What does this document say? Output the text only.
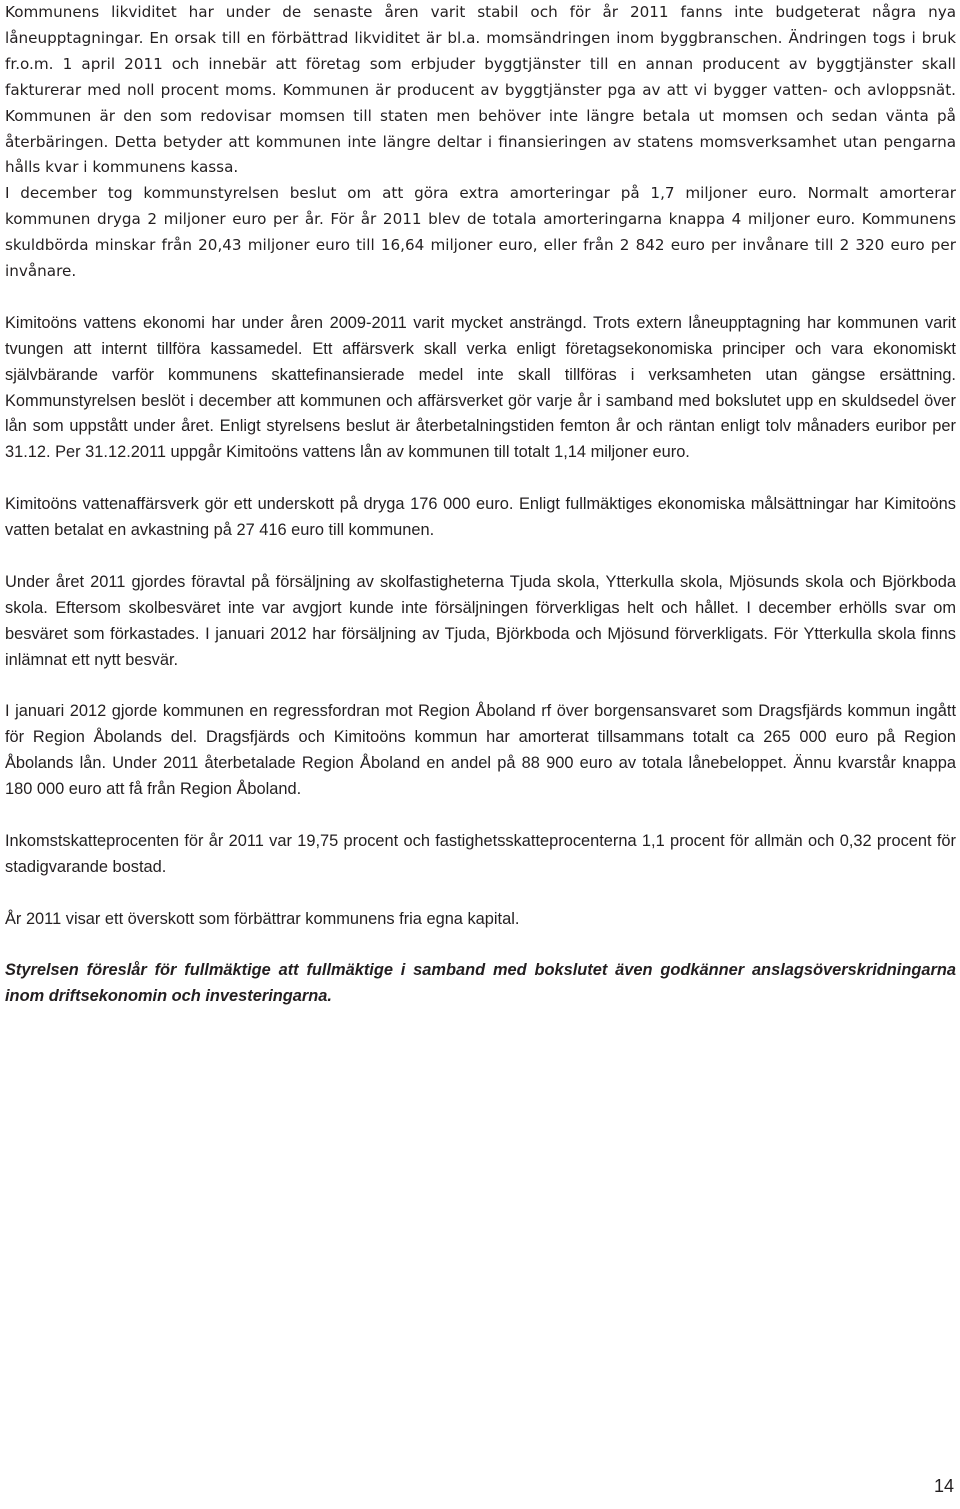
Kommunens likviditet har under de senaste åren varit stabil och för år 2011 fanns inte budgeterat några nya låneupptagningar. En orsak till en förbättrad likviditet är bl.a. momsändringen inom byggbranschen. Ändringen togs i bruk fr.o.m. 1 april 2011 och innebär att företag som erbjuder byggtjänster till en annan producent av byggtjänster skall fakturerar med noll procent moms. Kommunen är producent av byggtjänster pga av att vi bygger vatten- och avloppsnät. Kommunen är den som redovisar momsen till staten men behöver inte längre betala ut momsen och sedan vänta på återbäringen. Detta betyder att kommunen inte längre deltar i finansieringen av statens momsverksamhet utan pengarna hålls kvar i kommunens kassa.

I december tog kommunstyrelsen beslut om att göra extra amorteringar på 1,7 miljoner euro. Normalt amorterar kommunen dryga 2 miljoner euro per år. För år 2011 blev de totala amorteringarna knappa 4 miljoner euro. Kommunens skuldbörda minskar från 20,43 miljoner euro till 16,64 miljoner euro, eller från 2 842 euro per invånare till 2 320 euro per invånare.

Kimitoöns vattens ekonomi har under åren 2009-2011 varit mycket ansträngd. Trots extern låneupptagning har kommunen varit tvungen att internt tillföra kassamedel. Ett affärsverk skall verka enligt företagsekonomiska principer och vara ekonomiskt självbärande varför kommunens skattefinansierade medel inte skall tillföras i verksamheten utan gängse ersättning. Kommunstyrelsen beslöt i december att kommunen och affärsverket gör varje år i samband med bokslutet upp en skuldsedel över lån som uppstått under året. Enligt styrelsens beslut är återbetalningstiden femton år och räntan enligt tolv månaders euribor per 31.12. Per 31.12.2011 uppgår Kimitoöns vattens lån av kommunen till totalt 1,14 miljoner euro.

Kimitoöns vattenaffärsverk gör ett underskott på dryga 176 000 euro. Enligt fullmäktiges ekonomiska målsättningar har Kimitoöns vatten betalat en avkastning på 27 416 euro till kommunen.

Under året 2011 gjordes föravtal på försäljning av skolfastigheterna Tjuda skola, Ytterkulla skola, Mjösunds skola och Björkboda skola. Eftersom skolbesväret inte var avgjort kunde inte försäljningen förverkligas helt och hållet. I december erhölls svar om besväret som förkastades. I januari 2012 har försäljning av Tjuda, Björkboda och Mjösund förverkligats. För Ytterkulla skola finns inlämnat ett nytt besvär.

I januari 2012 gjorde kommunen en regressfordran mot Region Åboland rf över borgensansvaret som Dragsfjärds kommun ingått för Region Åbolands del. Dragsfjärds och Kimitoöns kommun har amorterat tillsammans totalt ca 265 000 euro på Region Åbolands lån. Under 2011 återbetalade Region Åboland en andel på 88 900 euro av totala lånebeloppet. Ännu kvarstår knappa 180 000 euro att få från Region Åboland.

Inkomstskatteprocenten för år 2011 var 19,75 procent och fastighetsskatteprocenterna 1,1 procent för allmän och 0,32 procent för stadigvarande bostad.

År 2011 visar ett överskott som förbättrar kommunens fria egna kapital.

Styrelsen föreslår för fullmäktige att fullmäktige i samband med bokslutet även godkänner anslagsöverskridningarna inom driftsekonomin och investeringarna.

14
